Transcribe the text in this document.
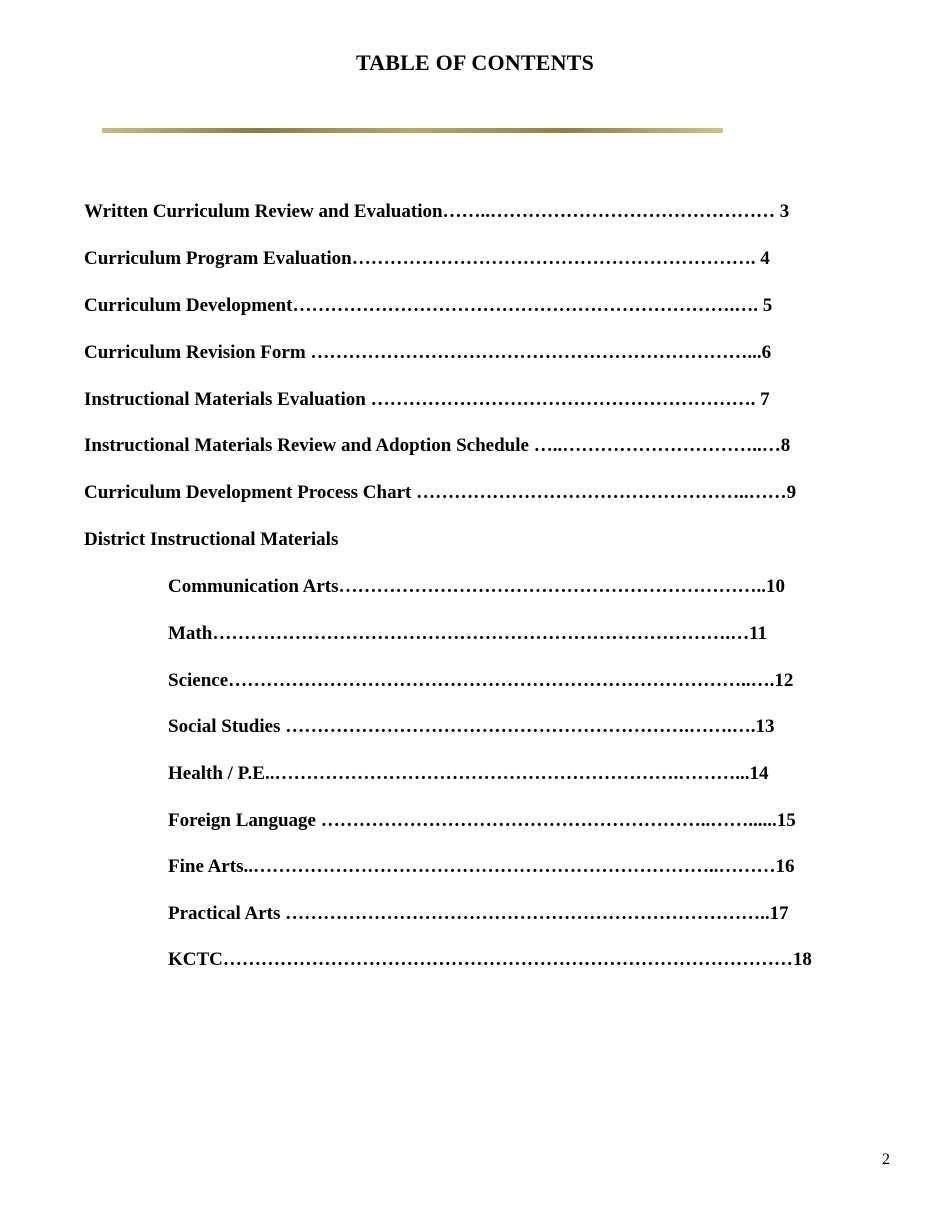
TABLE OF CONTENTS
Written Curriculum Review and Evaluation……..……………………………………… 3
Curriculum Program Evaluation………………………………………………………. 4
Curriculum Development…………………………………………………………….…. 5
Curriculum Revision Form ……………………………………………………………...6
Instructional Materials Evaluation ……………………………………………………. 7
Instructional Materials Review and Adoption Schedule …..…………………………..…8
Curriculum Development Process Chart ……………………………………………..……9
District Instructional Materials
Communication Arts…………………………………………………………..10
Math……………………………………………………………………….…11
Science………………………………………………………………………..….12
Social Studies ……………………………………………………….…….….13
Health / P.E..……………………………………………………….………...14
Foreign Language ……………………………………………………..……......15
Fine Arts..………………………………………………………………..………16
Practical Arts …………………………………………………………………..17
KCTC………………………………………………………………………………18
2
